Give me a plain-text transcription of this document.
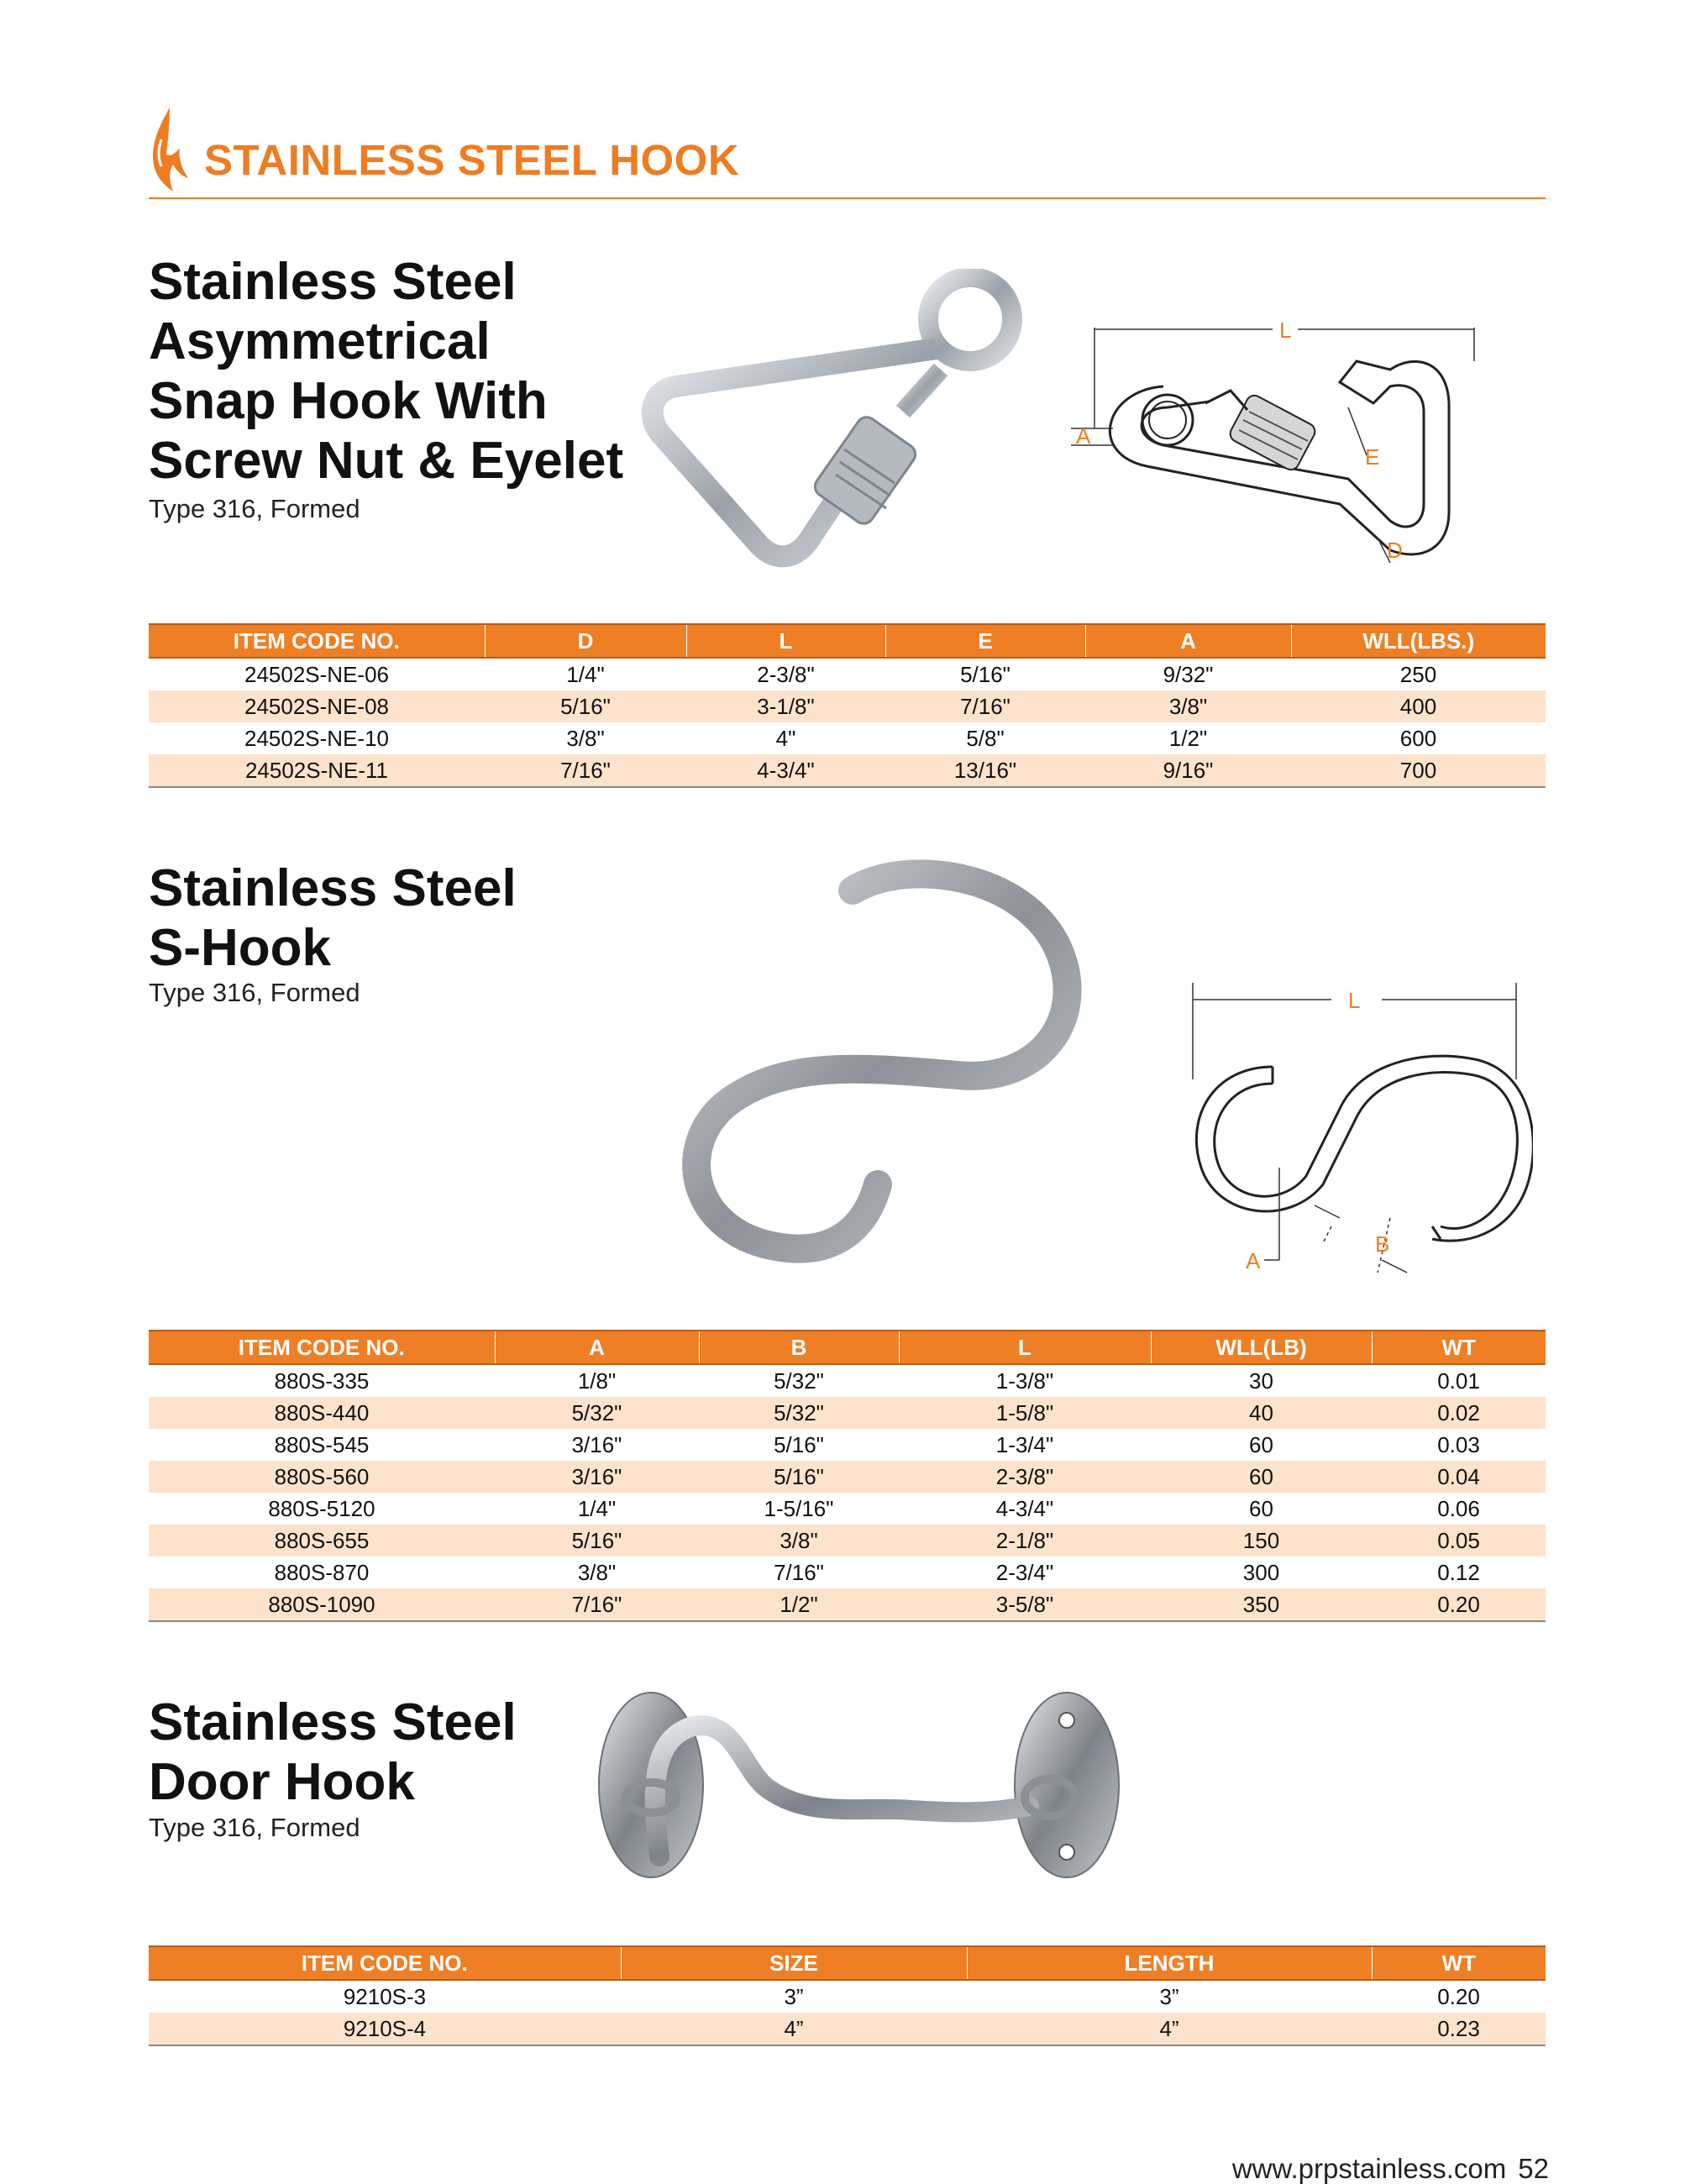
STAINLESS STEEL HOOK
Stainless Steel
Asymmetrical
Snap Hook With
Screw Nut & Eyelet
Type 316, Formed
L
A
E
D
ITEM CODE NO.	D	L	E	A	WLL(LBS.)
24502S-NE-06	1/4"	2-3/8"	5/16"	9/32"	250
24502S-NE-08	5/16"	3-1/8"	7/16"	3/8"	400
24502S-NE-10	3/8"	4"	5/8"	1/2"	600
24502S-NE-11	7/16"	4-3/4"	13/16"	9/16"	700
Stainless Steel
S-Hook
Type 316, Formed	L
A
B
ITEM CODE NO.	A	B	L	WLL(LB)	WT
880S-335	1/8"	5/32"	1-3/8"	30	0.01
880S-440	5/32"	5/32"	1-5/8"	40	0.02
880S-545	3/16"	5/16"	1-3/4"	60	0.03
880S-560	3/16"	5/16"	2-3/8"	60	0.04
880S-5120	1/4"	1-5/16"	4-3/4"	60	0.06
880S-655	5/16"	3/8"	2-1/8"	150	0.05
880S-870	3/8"	7/16"	2-3/4"	300	0.12
880S-1090	7/16"	1/2"	3-5/8"	350	0.20
Stainless Steel
Door Hook
Type 316, Formed
ITEM CODE NO.	SIZE	LENGTH	WT
9210S-3	3”	3”	0.20
9210S-4	4”	4”	0.23
www.prpstainless.com 52
